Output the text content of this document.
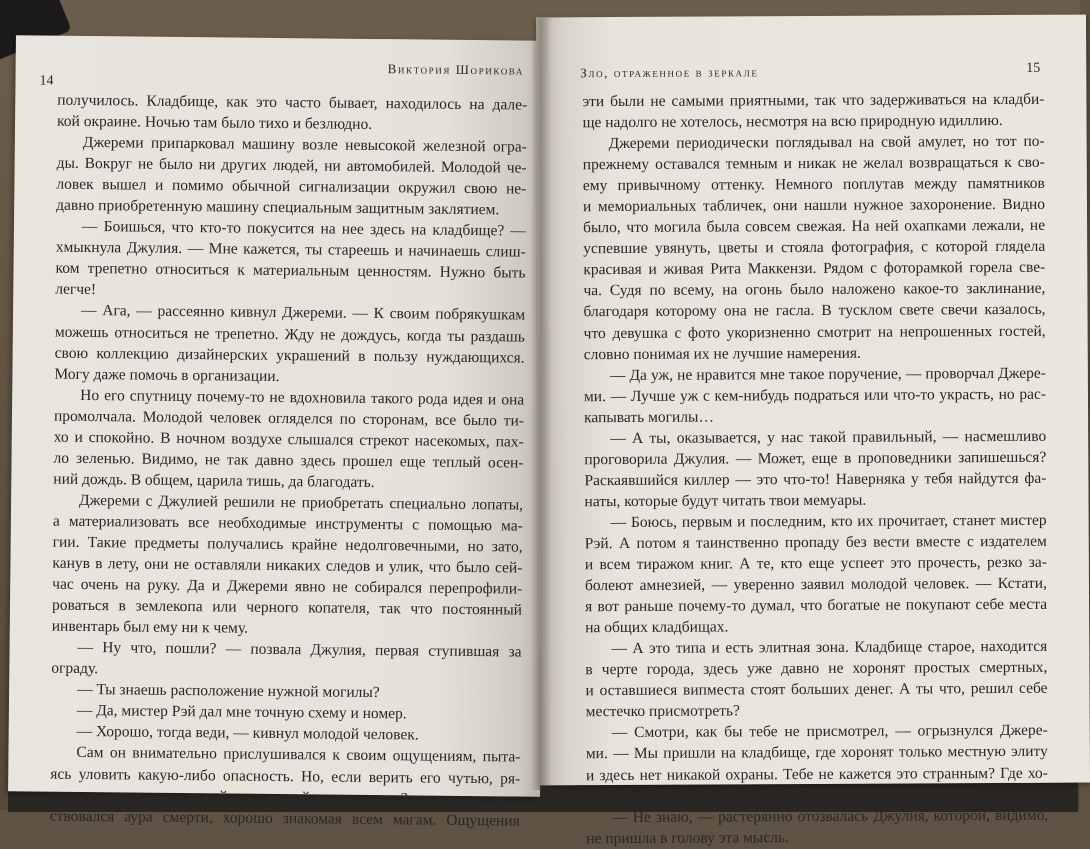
Виктория Шорикова
14
получилось. Кладбище, как это часто бывает, находилось на дале-
кой окраине. Ночью там было тихо и безлюдно.
Джереми припарковал машину возле невысокой железной огра-
ды. Вокруг не было ни других людей, ни автомобилей. Молодой че-
ловек вышел и помимо обычной сигнализации окружил свою не-
давно приобретенную машину специальным защитным заклятием.
— Боишься, что кто-то покусится на нее здесь на кладбище? —
хмыкнула Джулия. — Мне кажется, ты стареешь и начинаешь слиш-
ком трепетно относиться к материальным ценностям. Нужно быть
легче!
— Ага, — рассеянно кивнул Джереми. — К своим побрякушкам
можешь относиться не трепетно. Жду не дождусь, когда ты раздашь
свою коллекцию дизайнерских украшений в пользу нуждающихся.
Могу даже помочь в организации.
Но его спутницу почему-то не вдохновила такого рода идея и она
промолчала. Молодой человек огляделся по сторонам, все было ти-
хо и спокойно. В ночном воздухе слышался стрекот насекомых, пах-
ло зеленью. Видимо, не так давно здесь прошел еще теплый осен-
ний дождь. В общем, царила тишь, да благодать.
Джереми с Джулией решили не приобретать специально лопаты,
а материализовать все необходимые инструменты с помощью ма-
гии. Такие предметы получались крайне недолговечными, но зато,
канув в лету, они не оставляли никаких следов и улик, что было сей-
час очень на руку. Да и Джереми явно не собирался перепрофили-
роваться в землекопа или черного копателя, так что постоянный
инвентарь был ему ни к чему.
— Ну что, пошли? — позвала Джулия, первая ступившая за
ограду.
— Ты знаешь расположение нужной могилы?
— Да, мистер Рэй дал мне точную схему и номер.
— Хорошо, тогда веди, — кивнул молодой человек.
Сам он внимательно прислушивался к своим ощущениям, пыта-
ясь уловить какую-либо опасность. Но, если верить его чутью, ря-
дом не ощущалось чужой магической энергетики. Зато хорошо чув-
ствовался аура смерти, хорошо знакомая всем магам. Ощущения
Зло, отраженное в зеркале	15
эти были не самыми приятными, так что задерживаться на кладби-
ще надолго не хотелось, несмотря на всю природную идиллию.
Джереми периодически поглядывал на свой амулет, но тот по-
прежнему оставался темным и никак не желал возвращаться к сво-
ему привычному оттенку. Немного поплутав между памятников
и мемориальных табличек, они нашли нужное захоронение. Видно
было, что могила была совсем свежая. На ней охапками лежали, не
успевшие увянуть, цветы и стояла фотография, с которой глядела
красивая и живая Рита Маккензи. Рядом с фоторамкой горела све-
ча. Судя по всему, на огонь было наложено какое-то заклинание,
благодаря которому она не гасла. В тусклом свете свечи казалось,
что девушка с фото укоризненно смотрит на непрошенных гостей,
словно понимая их не лучшие намерения.
— Да уж, не нравится мне такое поручение, — проворчал Джере-
ми. — Лучше уж с кем-нибудь подраться или что-то украсть, но рас-
капывать могилы…
— А ты, оказывается, у нас такой правильный, — насмешливо
проговорила Джулия. — Может, еще в проповедники запишешься?
Раскаявшийся киллер — это что-то! Наверняка у тебя найдутся фа-
наты, которые будут читать твои мемуары.
— Боюсь, первым и последним, кто их прочитает, станет мистер
Рэй. А потом я таинственно пропаду без вести вместе с издателем
и всем тиражом книг. А те, кто еще успеет это прочесть, резко за-
болеют амнезией, — уверенно заявил молодой человек. — Кстати,
я вот раньше почему-то думал, что богатые не покупают себе места
на общих кладбищах.
— А это типа и есть элитная зона. Кладбище старое, находится
в черте города, здесь уже давно не хоронят простых смертных,
и оставшиеся випместа стоят больших денег. А ты что, решил себе
местечко присмотреть?
— Смотри, как бы тебе не присмотрел, — огрызнулся Джере-
ми. — Мы пришли на кладбище, где хоронят только местную элиту
и здесь нет никакой охраны. Тебе не кажется это странным? Где хо-
тя бы какой-то захудалый сторож?
— Не знаю, — растерянно отозвалась Джулия, которой, видимо,
не пришла в голову эта мысль.
